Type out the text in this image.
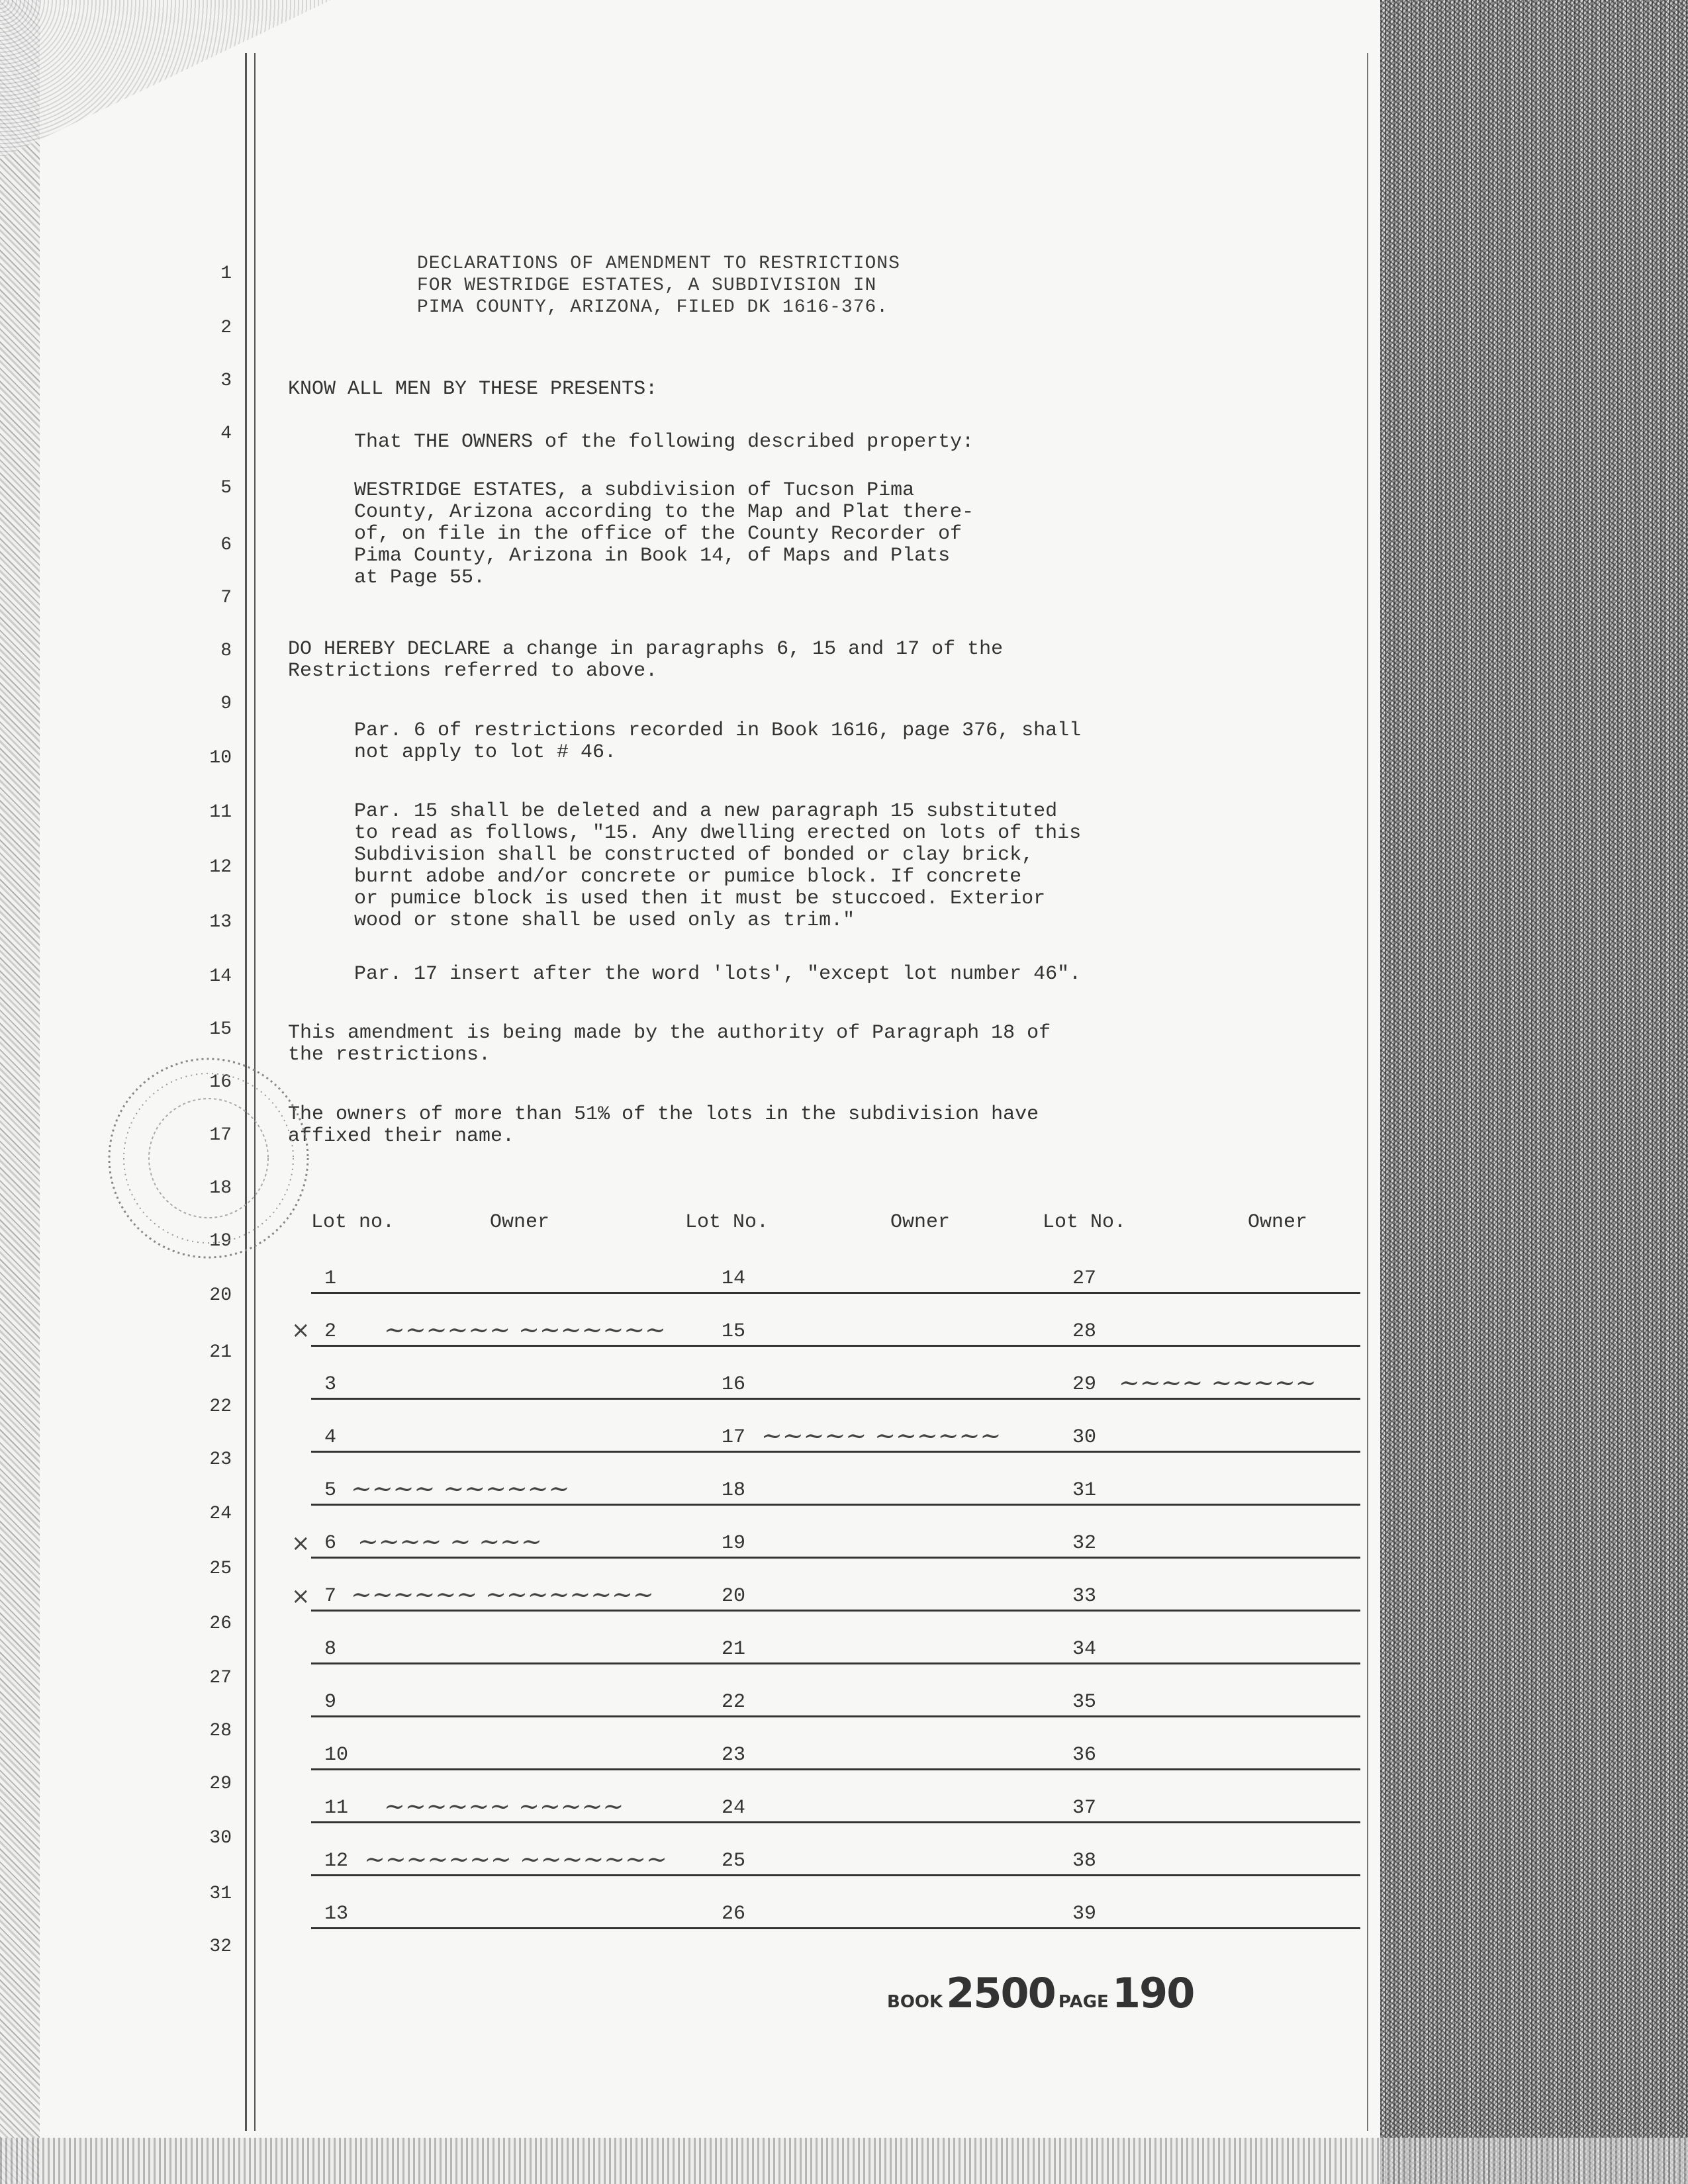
1
2
3
4
5
6
7
8
9
10
11
12
13
14
15
16
17
18
19
20
21
22
23
24
25
26
27
28
29
30
31
32
DECLARATIONS OF AMENDMENT TO RESTRICTIONS
FOR WESTRIDGE ESTATES, A SUBDIVISION IN
PIMA COUNTY, ARIZONA, FILED DK 1616-376.
KNOW ALL MEN BY THESE PRESENTS:
That THE OWNERS of the following described property:
WESTRIDGE ESTATES, a subdivision of Tucson Pima
County, Arizona according to the Map and Plat there-
of, on file in the office of the County Recorder of
Pima County, Arizona in Book 14, of Maps and Plats
at Page 55.
DO HEREBY DECLARE a change in paragraphs 6, 15 and 17 of the
Restrictions referred to above.
Par. 6 of restrictions recorded in Book 1616, page 376, shall
not apply to lot # 46.
Par. 15 shall be deleted and a new paragraph 15 substituted
to read as follows, "15. Any dwelling erected on lots of this
Subdivision shall be constructed of bonded or clay brick,
burnt adobe and/or concrete or pumice block. If concrete
or pumice block is used then it must be stuccoed. Exterior
wood or stone shall be used only as trim."
Par. 17 insert after the word 'lots', "except lot number 46".
This amendment is being made by the authority of Paragraph 18 of
the restrictions.
The owners of more than 51% of the lots in the subdivision have
affixed their name.
Lot no.	Owner	Lot No.	Owner	Lot No.	Owner
1	14	27
2 ~~~~~~ ~~~~~~~	15	28
3	16	29 ~~~~ ~~~~~
4	17 ~~~~~ ~~~~~~	30
5 ~~~~ ~~~~~~	18	31
6 ~~~~ ~ ~~~	19	32
7 ~~~~~~ ~~~~~~~~	20	33
8	21	34
9	22	35
10	23	36
11 ~~~~~~ ~~~~~	24	37
12 ~~~~~~~ ~~~~~~~	25	38
13	26	39
×
×
×
BOOK 2500 PAGE 190
